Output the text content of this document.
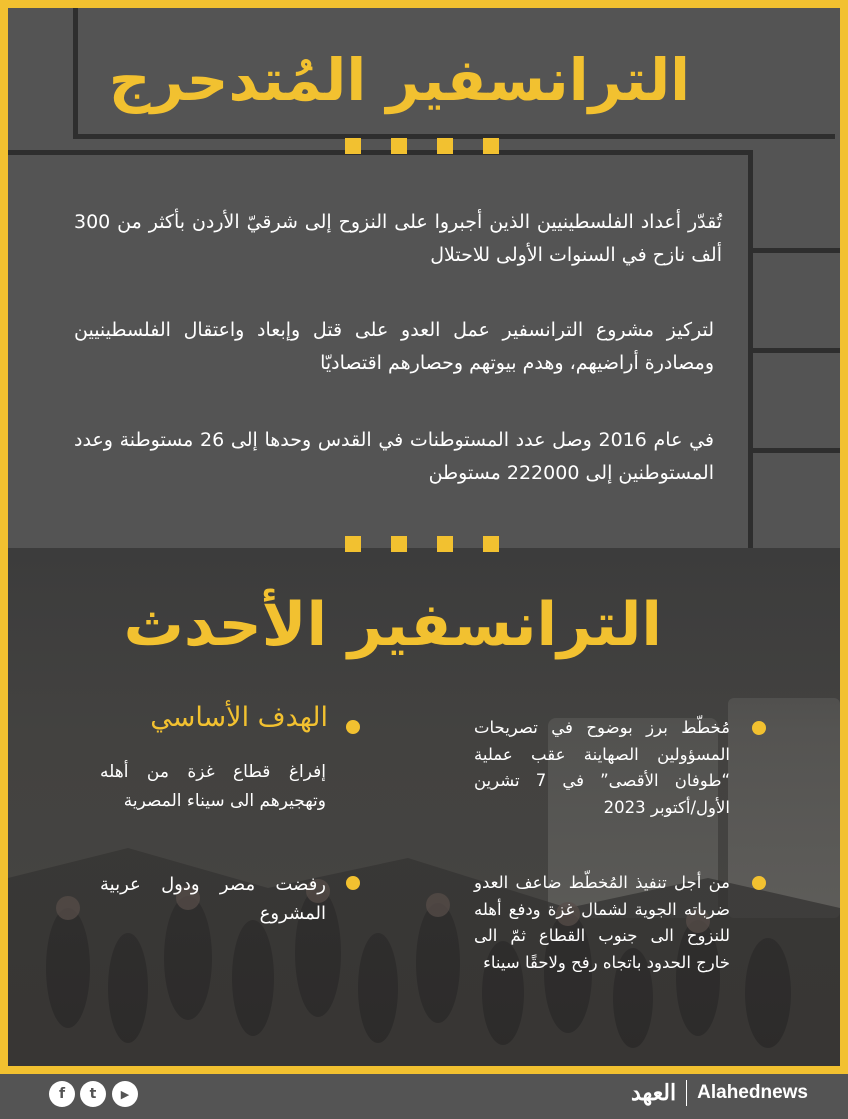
الترانسفير المُتدحرج
تُقدّر أعداد الفلسطينيين الذين أجبروا على النزوح إلى شرقيّ الأردن بأكثر من 300 ألف نازح في السنوات الأولى للاحتلال
لتركيز مشروع الترانسفير عمل العدو على قتل وإبعاد واعتقال الفلسطينيين ومصادرة أراضيهم، وهدم بيوتهم وحصارهم اقتصاديّا
في عام 2016 وصل عدد المستوطنات في القدس وحدها إلى 26 مستوطنة وعدد المستوطنين إلى 222000 مستوطن
الترانسفير الأحدث
مُخطّط برز بوضوح في تصريحات المسؤولين الصهاينة عقب عملية “طوفان الأقصى” في 7 تشرين الأول/أكتوبر 2023
من أجل تنفيذ المُخطّط ضاعف العدو ضرباته الجوية لشمال غزة ودفع أهله للنزوح الى جنوب القطاع ثمّ الى خارج الحدود باتجاه رفح ولاحقًا سيناء
الهدف الأساسي
إفراغ قطاع غزة من أهله وتهجيرهم الى سيناء المصرية
رفضت مصر ودول عربية المشروع
f t ▶	العهد Alahednews
